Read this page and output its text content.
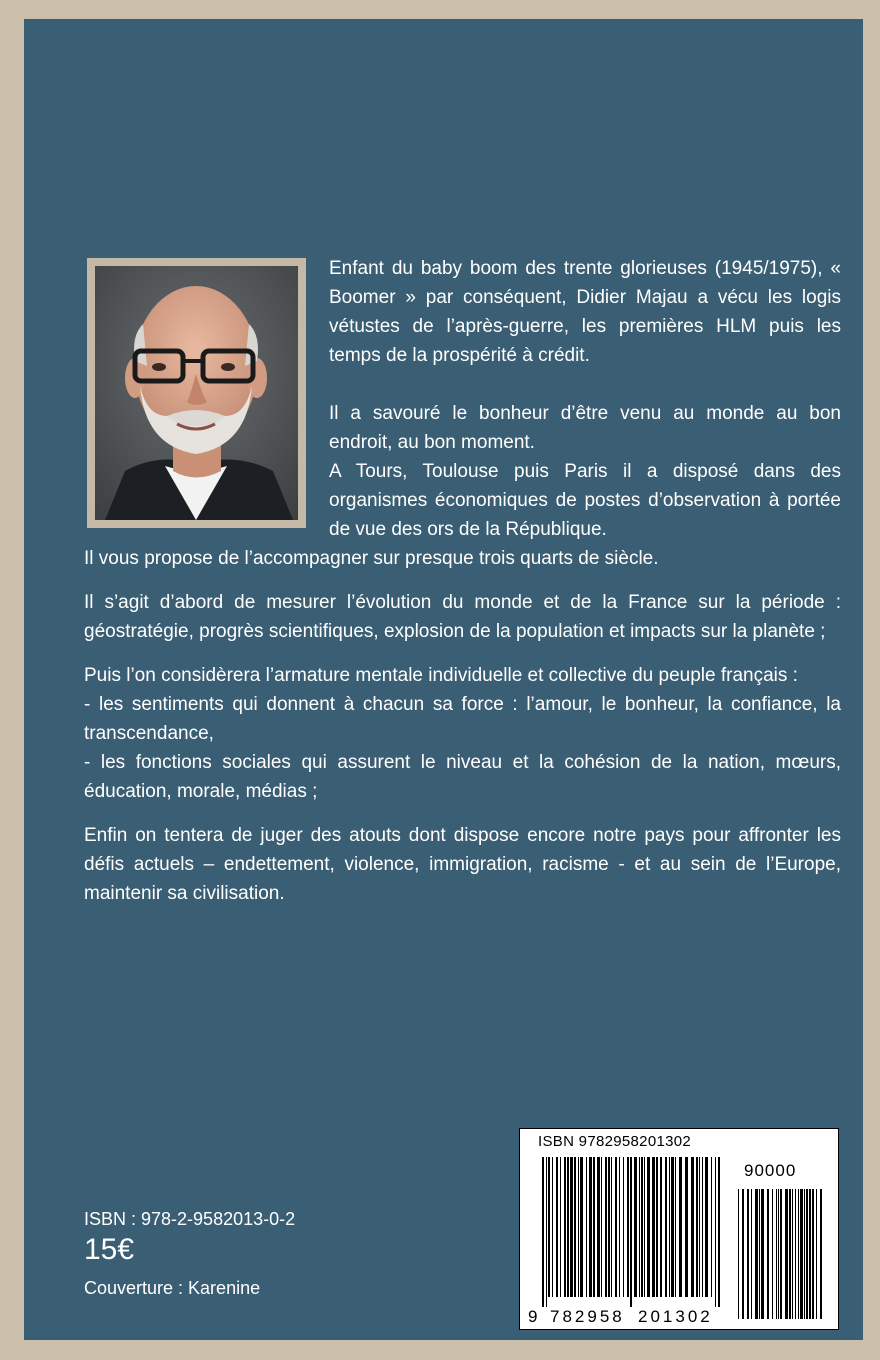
Enfant du baby boom des trente glorieuses (1945/1975), « Boomer » par conséquent, Didier Majau a vécu les logis vétustes de l’après-guerre, les premières HLM puis les temps de la prospérité à crédit.

Il a savouré le bonheur d’être venu au monde au bon endroit, au bon moment.

A Tours, Toulouse puis Paris il a disposé dans des organismes économiques de postes d’observation à portée de vue des ors de la République.

Il vous propose de l’accompagner sur presque trois quarts de siècle.

Il s’agit d’abord de mesurer l’évolution du monde et de la France sur la période : géostratégie, progrès scientifiques, explosion de la population et impacts sur la planète ;

Puis l’on considèrera l’armature mentale individuelle et collective du peuple français :

- les sentiments qui donnent à chacun sa force : l’amour, le bonheur, la confiance, la transcendance,

- les fonctions sociales qui assurent le niveau et la cohésion de la nation, mœurs, éducation, morale, médias ;

Enfin on tentera de juger des atouts dont dispose encore notre pays pour affronter les défis actuels – endettement, violence, immigration, racisme - et au sein de l’Europe, maintenir sa civilisation.

ISBN : 978-2-9582013-0-2
15€
Couverture : Karenine
ISBN 9782958201302
90000
9 782958 201302
